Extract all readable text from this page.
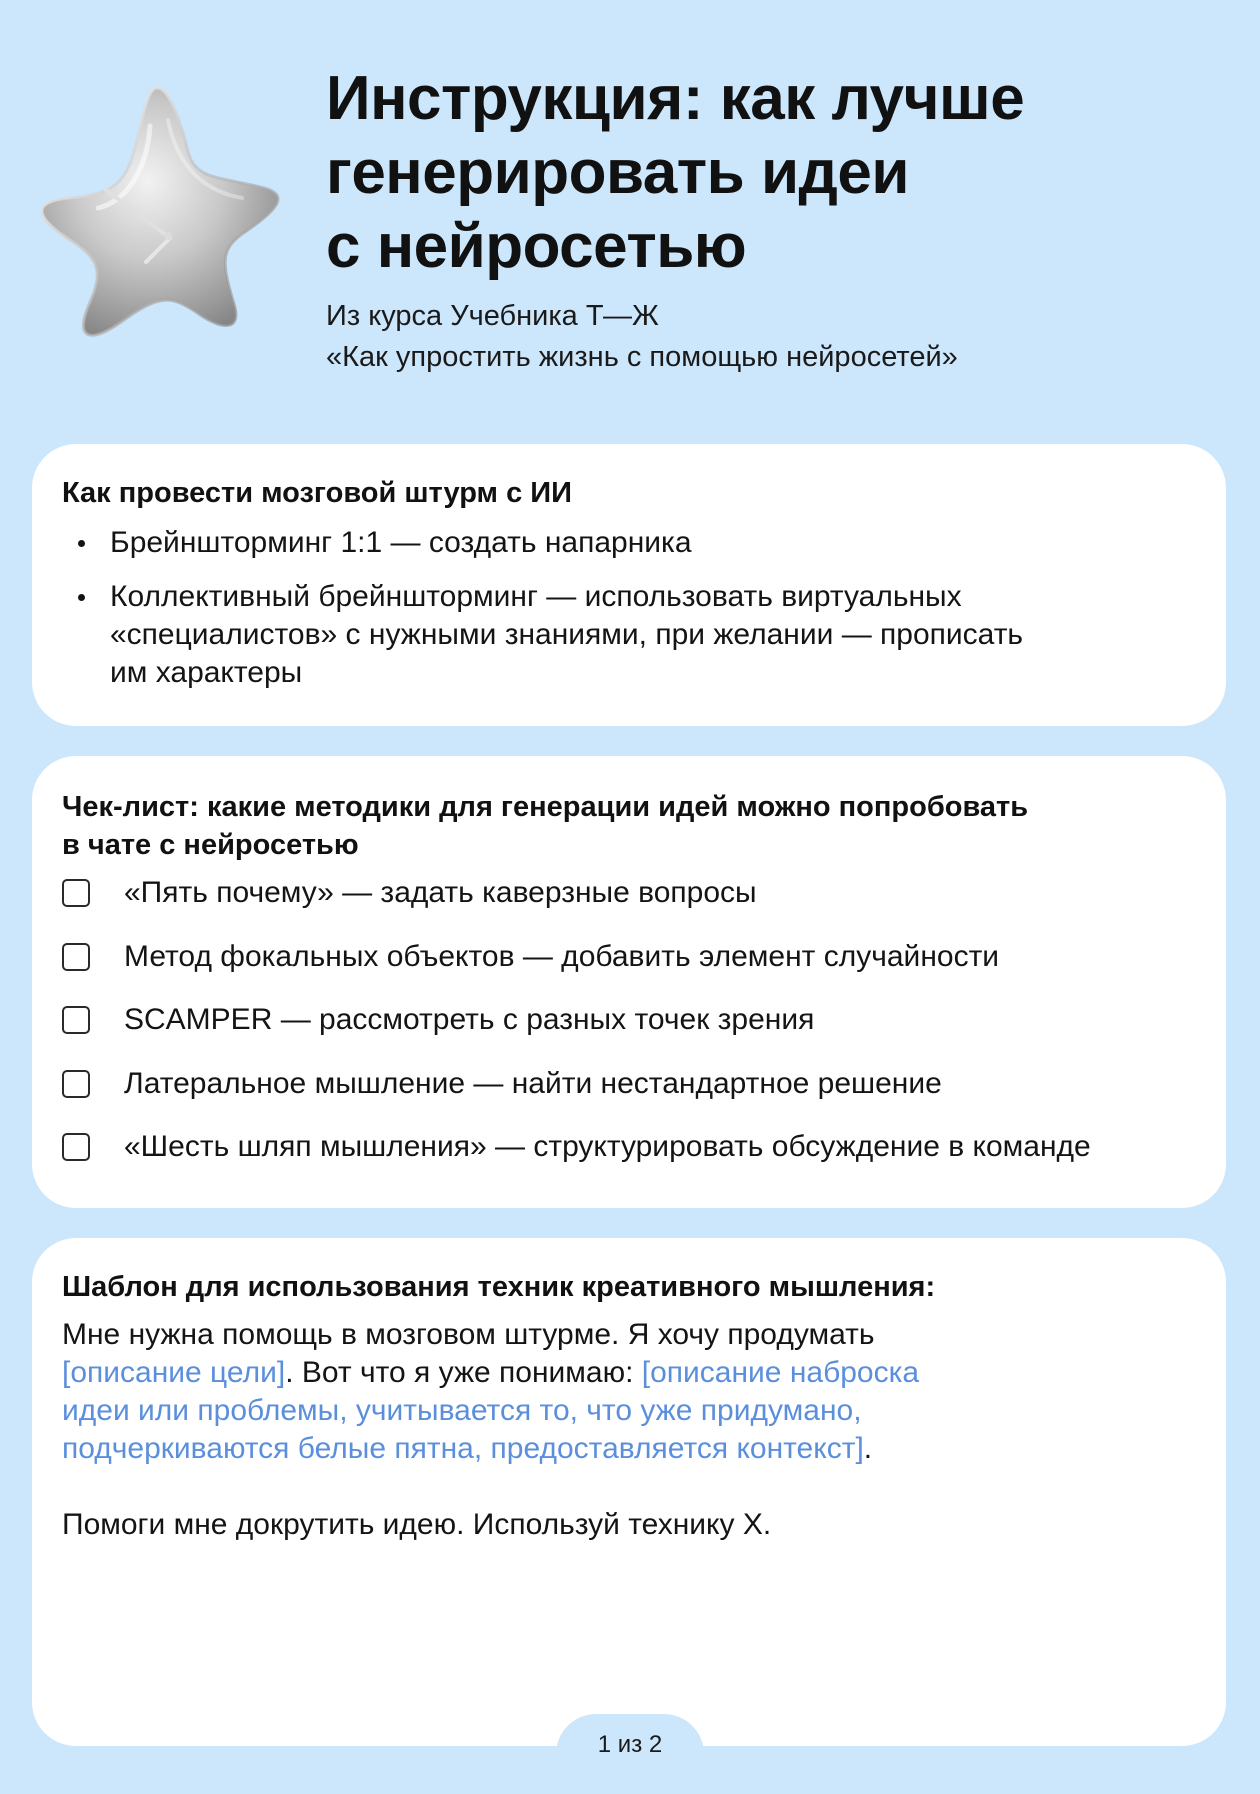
Инструкция: как лучше
генерировать идеи
с нейросетью
Из курса Учебника Т—Ж
«Как упростить жизнь с помощью нейросетей»
Как провести мозговой штурм с ИИ
Брейншторминг 1:1 — создать напарника
Коллективный брейншторминг — использовать виртуальных
«специалистов» с нужными знаниями, при желании — прописать
им характеры
Чек-лист: какие методики для генерации идей можно попробовать
в чате с нейросетью
«Пять почему» — задать каверзные вопросы
Метод фокальных объектов — добавить элемент случайности
SCAMPER — рассмотреть с разных точек зрения
Латеральное мышление — найти нестандартное решение
«Шесть шляп мышления» — структурировать обсуждение в команде
Шаблон для использования техник креативного мышления:
Мне нужна помощь в мозговом штурме. Я хочу продумать
[описание цели]. Вот что я уже понимаю: [описание наброска
идеи или проблемы, учитывается то, что уже придумано,
подчеркиваются белые пятна, предоставляется контекст].
Помоги мне докрутить идею. Используй технику X.
1 из 2
